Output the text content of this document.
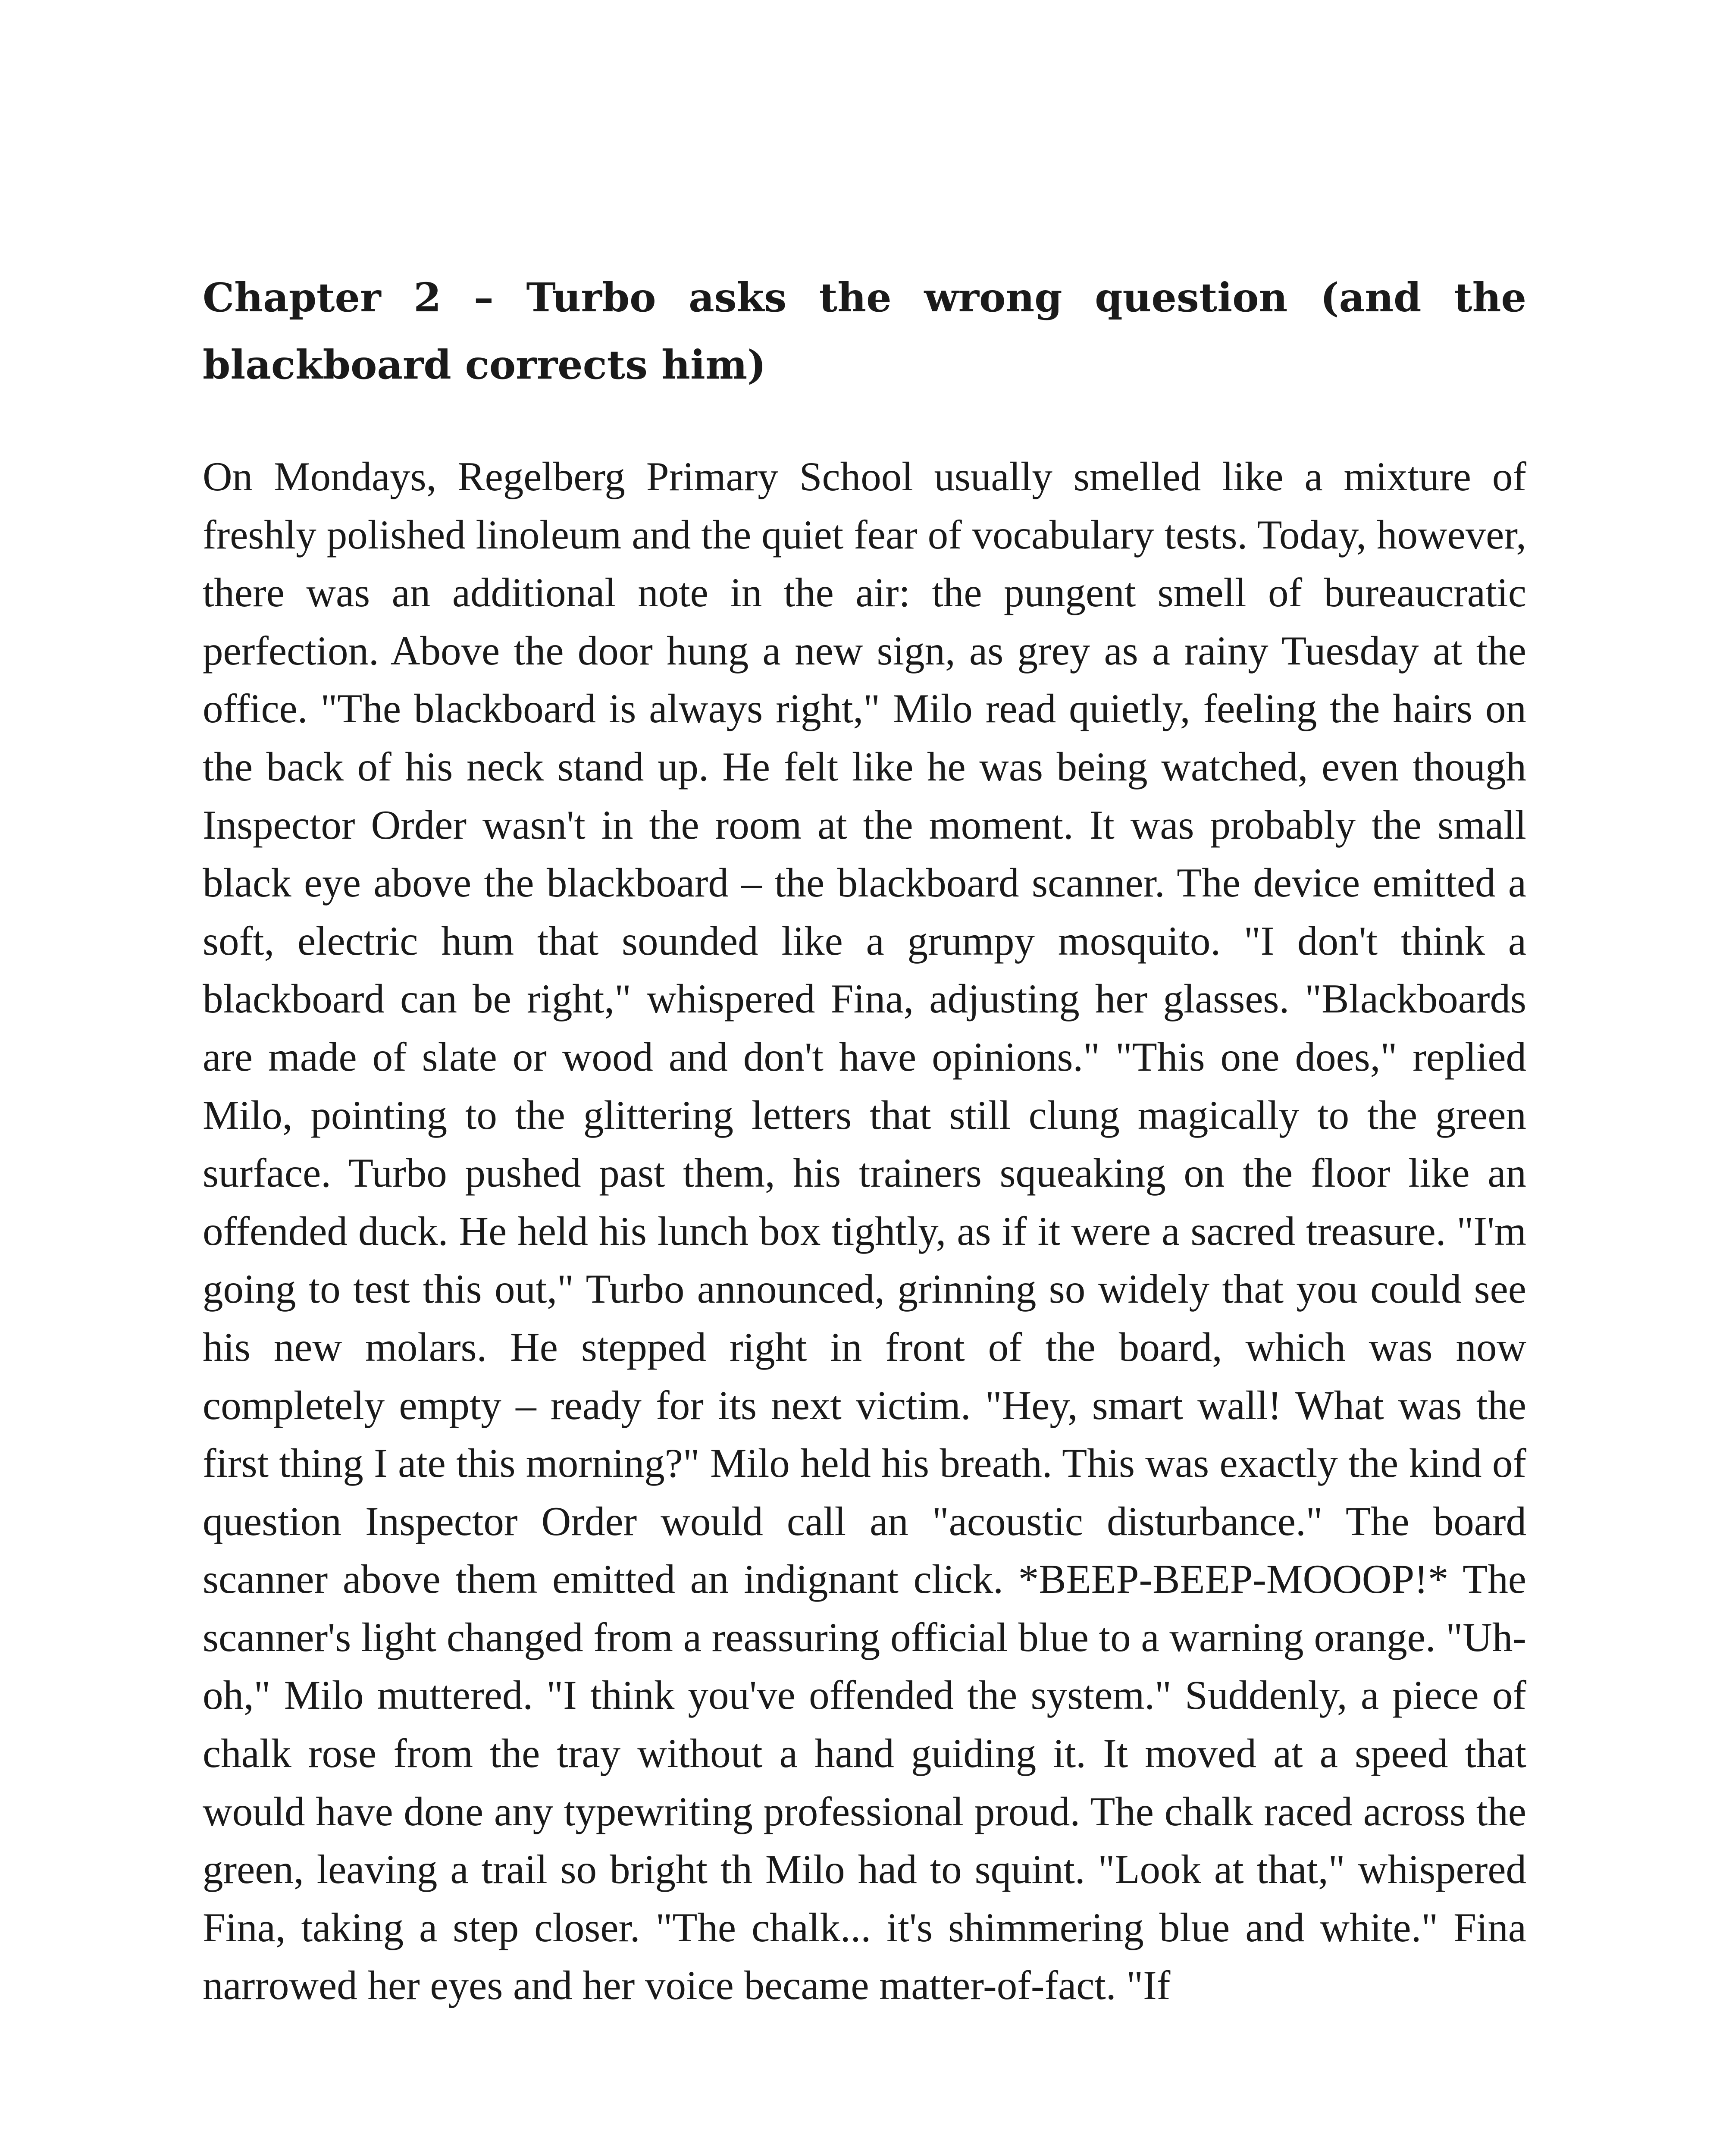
Chapter 2 – Turbo asks the wrong question (and the blackboard corrects him)

On Mondays, Regelberg Primary School usually smelled like a mixture of freshly polished linoleum and the quiet fear of vocabulary tests. Today, however, there was an additional note in the air: the pungent smell of bureaucratic perfection. Above the door hung a new sign, as grey as a rainy Tuesday at the office. "The blackboard is always right," Milo read quietly, feeling the hairs on the back of his neck stand up. He felt like he was being watched, even though Inspector Order wasn't in the room at the moment. It was probably the small black eye above the blackboard – the blackboard scanner. The device emitted a soft, electric hum that sounded like a grumpy mosquito. "I don't think a blackboard can be right," whispered Fina, adjusting her glasses. "Blackboards are made of slate or wood and don't have opinions." "This one does," replied Milo, pointing to the glittering letters that still clung magically to the green surface. Turbo pushed past them, his trainers squeaking on the floor like an offended duck. He held his lunch box tightly, as if it were a sacred treasure. "I'm going to test this out," Turbo announced, grinning so widely that you could see his new molars. He stepped right in front of the board, which was now completely empty – ready for its next victim. "Hey, smart wall! What was the first thing I ate this morning?" Milo held his breath. This was exactly the kind of question Inspector Order would call an "acoustic disturbance." The board scanner above them emitted an indignant click. *BEEP-BEEP-MOOOP!* The scanner's light changed from a reassuring official blue to a warning orange. "Uh-oh," Milo muttered. "I think you've offended the system." Suddenly, a piece of chalk rose from the tray without a hand guiding it. It moved at a speed that would have done any typewriting professional proud. The chalk raced across the green, leaving a trail so bright th Milo had to squint. "Look at that," whispered Fina, taking a step closer. "The chalk... it's shimmering blue and white." Fina narrowed her eyes and her voice became matter-of-fact. "If
